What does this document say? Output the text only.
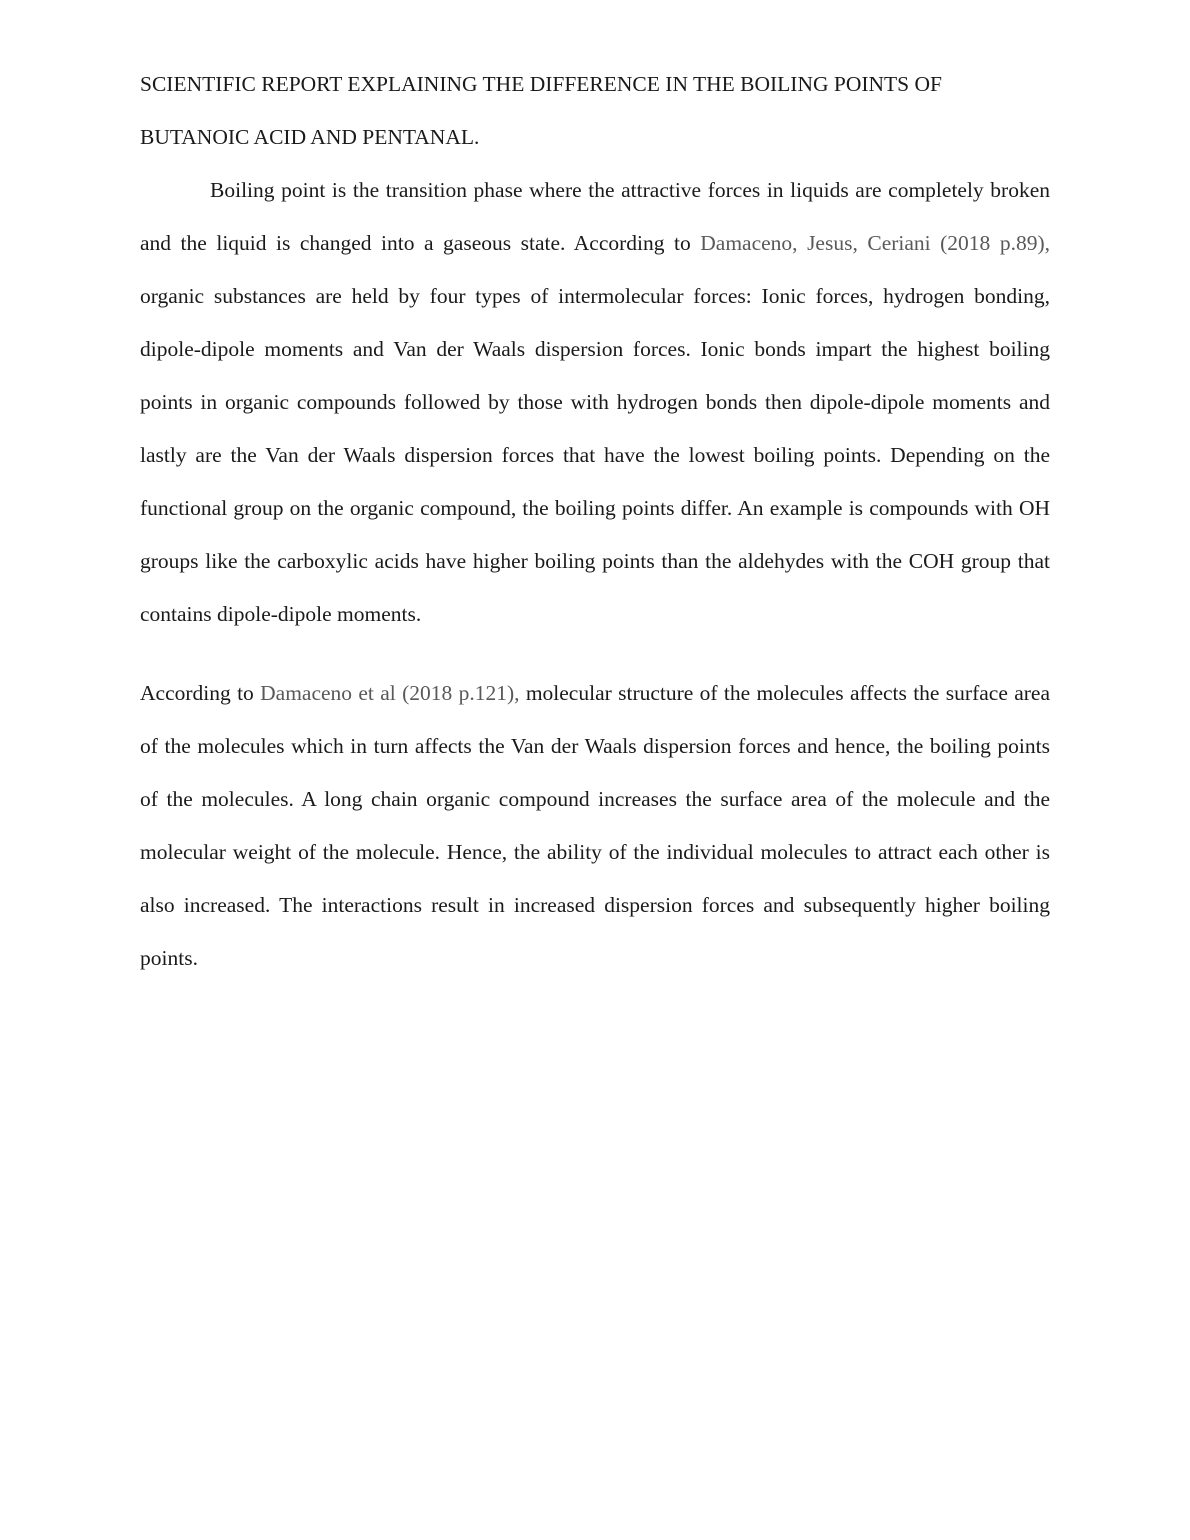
SCIENTIFIC REPORT EXPLAINING THE DIFFERENCE IN THE BOILING POINTS OF
BUTANOIC ACID AND PENTANAL.

Boiling point is the transition phase where the attractive forces in liquids are completely broken and the liquid is changed into a gaseous state. According to Damaceno, Jesus, Ceriani (2018 p.89), organic substances are held by four types of intermolecular forces: Ionic forces, hydrogen bonding, dipole-dipole moments and Van der Waals dispersion forces. Ionic bonds impart the highest boiling points in organic compounds followed by those with hydrogen bonds then dipole-dipole moments and lastly are the Van der Waals dispersion forces that have the lowest boiling points. Depending on the functional group on the organic compound, the boiling points differ. An example is compounds with OH groups like the carboxylic acids have higher boiling points than the aldehydes with the COH group that contains dipole-dipole moments.

According to Damaceno et al (2018 p.121), molecular structure of the molecules affects the surface area of the molecules which in turn affects the Van der Waals dispersion forces and hence, the boiling points of the molecules. A long chain organic compound increases the surface area of the molecule and the molecular weight of the molecule. Hence, the ability of the individual molecules to attract each other is also increased. The interactions result in increased dispersion forces and subsequently higher boiling points.
